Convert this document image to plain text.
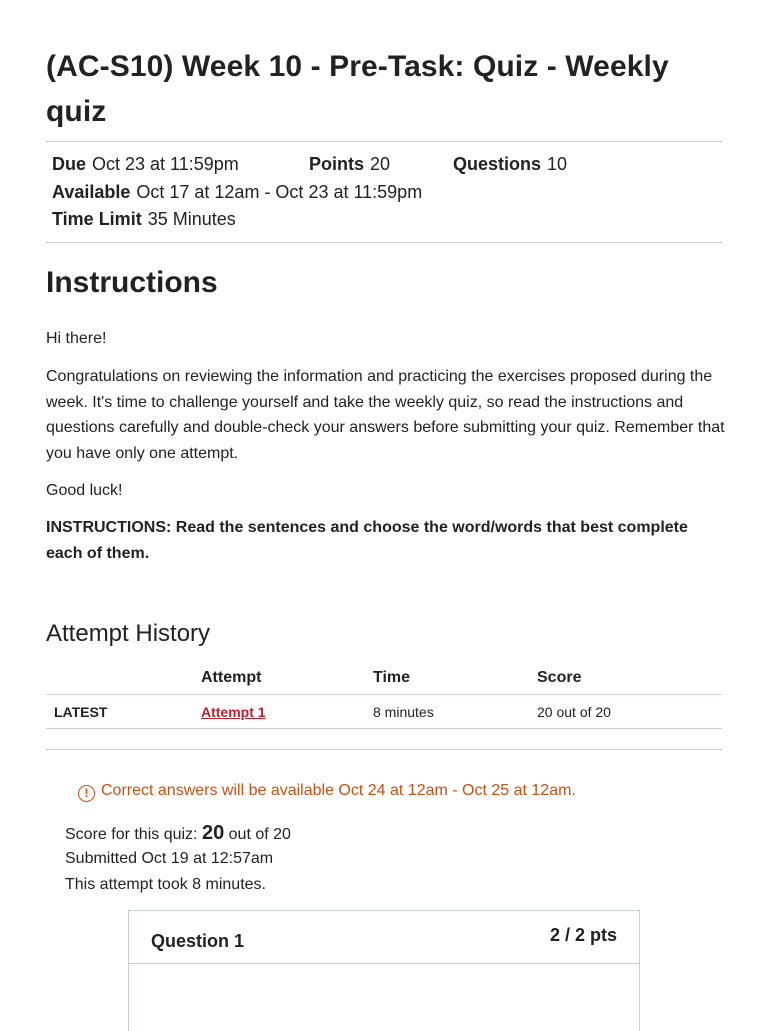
(AC-S10) Week 10 - Pre-Task: Quiz - Weekly quiz
Due Oct 23 at 11:59pm	Points 20	Questions 10
Available Oct 17 at 12am - Oct 23 at 11:59pm
Time Limit 35 Minutes
Instructions

Hi there!

Congratulations on reviewing the information and practicing the exercises proposed during the week. It's time to challenge yourself and take the weekly quiz, so read the instructions and questions carefully and double-check your answers before submitting your quiz. Remember that you have only one attempt.

Good luck!

INSTRUCTIONS: Read the sentences and choose the word/words that best complete each of them.

Attempt History
	Attempt	Time	Score
LATEST	Attempt 1	8 minutes	20 out of 20
! Correct answers will be available Oct 24 at 12am - Oct 25 at 12am.
Score for this quiz: 20 out of 20
Submitted Oct 19 at 12:57am
This attempt took 8 minutes.
Question 1	2 / 2 pts
